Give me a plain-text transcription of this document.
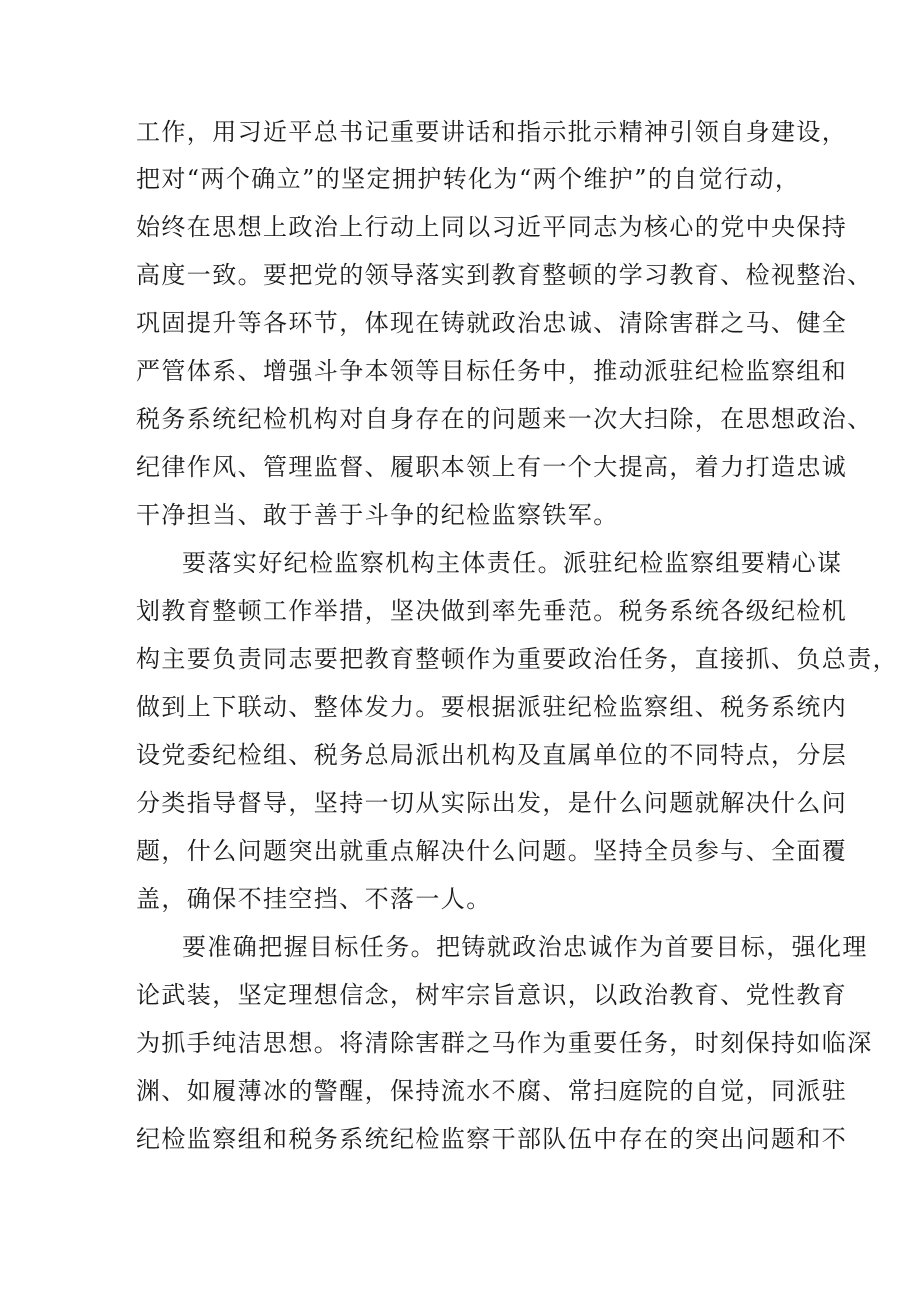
工作，用习近平总书记重要讲话和指示批示精神引领自身建设，
把对“两个确立”的坚定拥护转化为“两个维护”的自觉行动，
始终在思想上政治上行动上同以习近平同志为核心的党中央保持
高度一致。要把党的领导落实到教育整顿的学习教育、检视整治、
巩固提升等各环节，体现在铸就政治忠诚、清除害群之马、健全
严管体系、增强斗争本领等目标任务中，推动派驻纪检监察组和
税务系统纪检机构对自身存在的问题来一次大扫除，在思想政治、
纪律作风、管理监督、履职本领上有一个大提高，着力打造忠诚
干净担当、敢于善于斗争的纪检监察铁军。
要落实好纪检监察机构主体责任。派驻纪检监察组要精心谋
划教育整顿工作举措，坚决做到率先垂范。税务系统各级纪检机
构主要负责同志要把教育整顿作为重要政治任务，直接抓、负总责，
做到上下联动、整体发力。要根据派驻纪检监察组、税务系统内
设党委纪检组、税务总局派出机构及直属单位的不同特点，分层
分类指导督导，坚持一切从实际出发，是什么问题就解决什么问
题，什么问题突出就重点解决什么问题。坚持全员参与、全面覆
盖，确保不挂空挡、不落一人。
要准确把握目标任务。把铸就政治忠诚作为首要目标，强化理
论武装，坚定理想信念，树牢宗旨意识，以政治教育、党性教育
为抓手纯洁思想。将清除害群之马作为重要任务，时刻保持如临深
渊、如履薄冰的警醒，保持流水不腐、常扫庭院的自觉，同派驻
纪检监察组和税务系统纪检监察干部队伍中存在的突出问题和不
